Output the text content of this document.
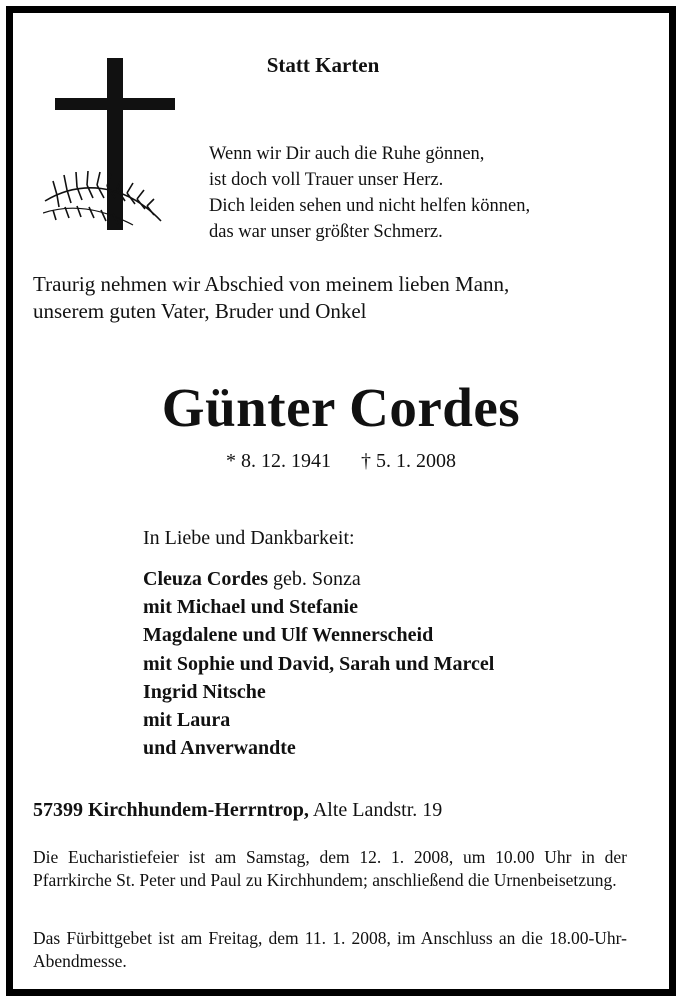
Statt Karten
Wenn wir Dir auch die Ruhe gönnen,
ist doch voll Trauer unser Herz.
Dich leiden sehen und nicht helfen können,
das war unser größter Schmerz.
Traurig nehmen wir Abschied von meinem lieben Mann,
unserem guten Vater, Bruder und Onkel
Günter Cordes
* 8. 12. 1941 † 5. 1. 2008
In Liebe und Dankbarkeit:
Cleuza Cordes geb. Sonza
mit Michael und Stefanie
Magdalene und Ulf Wennerscheid
mit Sophie und David, Sarah und Marcel
Ingrid Nitsche
mit Laura
und Anverwandte
57399 Kirchhundem-Herrntrop, Alte Landstr. 19
Die Eucharistiefeier ist am Samstag, dem 12. 1. 2008, um 10.00 Uhr in der Pfarrkirche St. Peter und Paul zu Kirchhundem; anschließend die Urnenbeisetzung.
Das Fürbittgebet ist am Freitag, dem 11. 1. 2008, im Anschluss an die 18.00-Uhr-Abendmesse.
